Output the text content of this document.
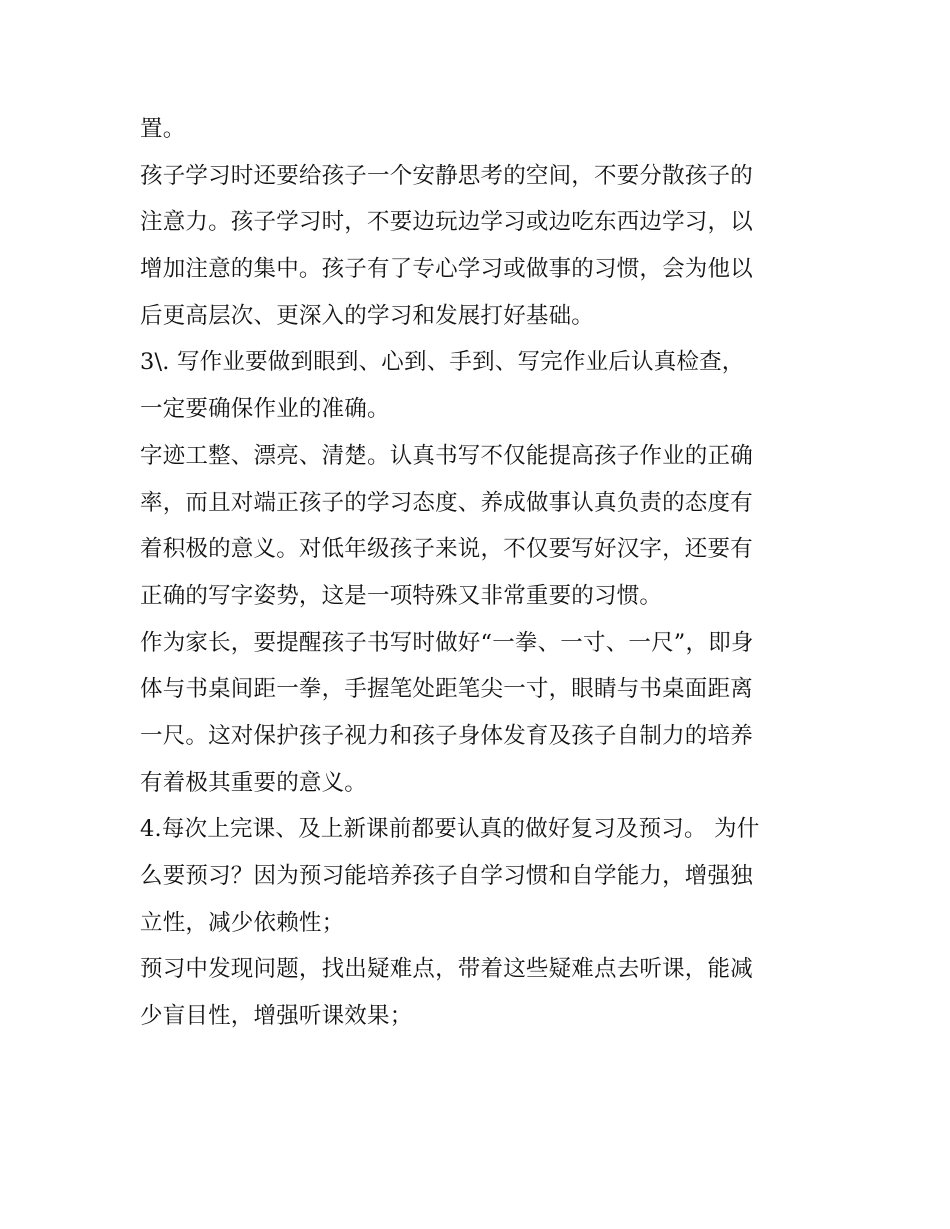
置。
孩子学习时还要给孩子一个安静思考的空间，不要分散孩子的
注意力。孩子学习时，不要边玩边学习或边吃东西边学习，以
增加注意的集中。孩子有了专心学习或做事的习惯，会为他以
后更高层次、更深入的学习和发展打好基础。
3\. 写作业要做到眼到、心到、手到、写完作业后认真检查，
一定要确保作业的准确。
字迹工整、漂亮、清楚。认真书写不仅能提高孩子作业的正确
率，而且对端正孩子的学习态度、养成做事认真负责的态度有
着积极的意义。对低年级孩子来说，不仅要写好汉字，还要有
正确的写字姿势，这是一项特殊又非常重要的习惯。
作为家长，要提醒孩子书写时做好“一拳、一寸、一尺”，即身
体与书桌间距一拳，手握笔处距笔尖一寸，眼睛与书桌面距离
一尺。这对保护孩子视力和孩子身体发育及孩子自制力的培养
有着极其重要的意义。
4.每次上完课、及上新课前都要认真的做好复习及预习。 为什
么要预习？因为预习能培养孩子自学习惯和自学能力，增强独
立性，减少依赖性；
预习中发现问题，找出疑难点，带着这些疑难点去听课，能减
少盲目性，增强听课效果；
